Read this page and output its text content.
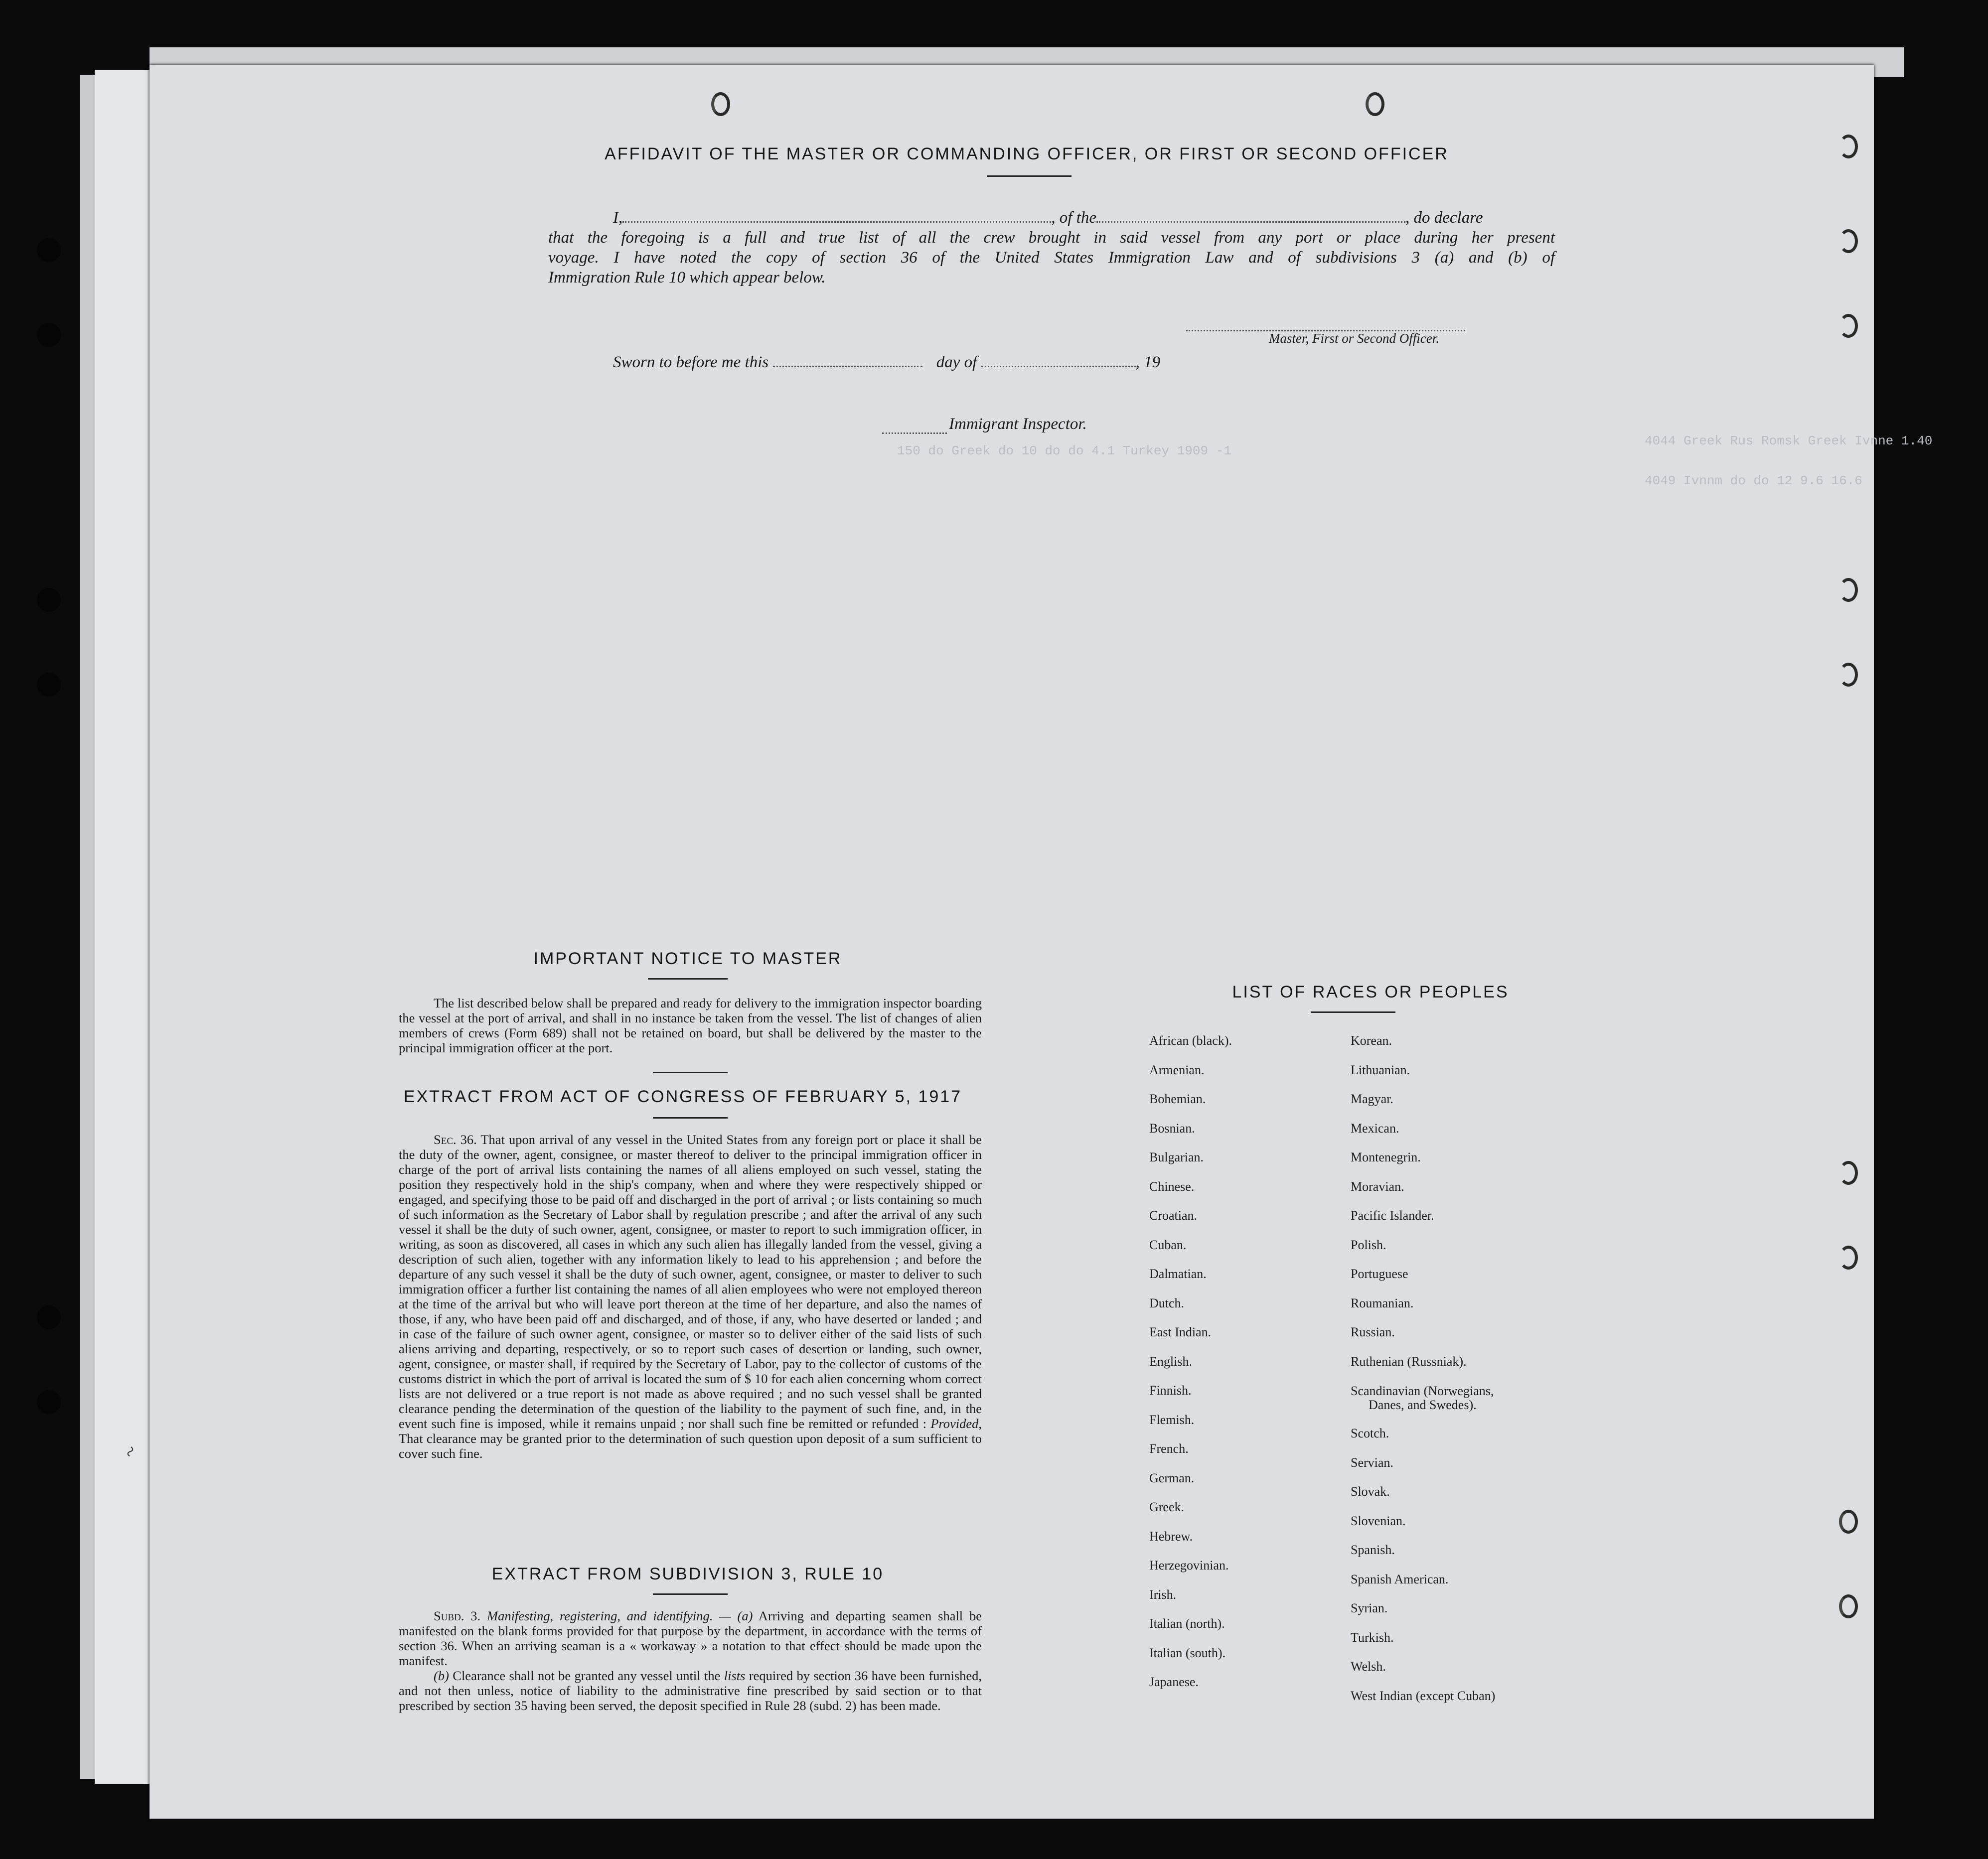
4044 Greek Rus Romsk Greek Ivnne 1.40
4049 Ivnnm do do 12 9.6 16.6
150 do Greek do 10 do do 4.1 Turkey 1909 -1
AFFIDAVIT OF THE MASTER OR COMMANDING OFFICER, OR FIRST OR SECOND OFFICER
I,	, of the	, do declare
that the foregoing is a full and true list of all the crew brought in said vessel from any port or place during her present
voyage. I have noted the copy of section 36 of the United States Immigration Law and of subdivisions 3 (a) and (b) of
Immigration Rule 10 which appear below.
Master, First or Second Officer.
Sworn to before me this	day of	, 19
Immigrant Inspector.
IMPORTANT NOTICE TO MASTER
The list described below shall be prepared and ready for delivery to the immigration inspector boarding the vessel at the port of arrival, and shall in no instance be taken from the vessel. The list of changes of alien members of crews (Form 689) shall not be retained on board, but shall be delivered by the master to the principal immigration officer at the port.
EXTRACT FROM ACT OF CONGRESS OF FEBRUARY 5, 1917
Sec. 36. That upon arrival of any vessel in the United States from any foreign port or place it shall be the duty of the owner, agent, consignee, or master thereof to deliver to the principal immigration officer in charge of the port of arrival lists containing the names of all aliens employed on such vessel, stating the position they respectively hold in the ship's company, when and where they were respectively shipped or engaged, and specifying those to be paid off and discharged in the port of arrival ; or lists containing so much of such information as the Secretary of Labor shall by regulation prescribe ; and after the arrival of any such vessel it shall be the duty of such owner, agent, consignee, or master to report to such immigration officer, in writing, as soon as discovered, all cases in which any such alien has illegally landed from the vessel, giving a description of such alien, together with any information likely to lead to his apprehension ; and before the departure of any such vessel it shall be the duty of such owner, agent, consignee, or master to deliver to such immigration officer a further list containing the names of all alien employees who were not employed thereon at the time of the arrival but who will leave port thereon at the time of her departure, and also the names of those, if any, who have been paid off and discharged, and of those, if any, who have deserted or landed ; and in case of the failure of such owner agent, consignee, or master so to deliver either of the said lists of such aliens arriving and departing, respectively, or so to report such cases of desertion or landing, such owner, agent, consignee, or master shall, if required by the Secretary of Labor, pay to the collector of customs of the customs district in which the port of arrival is located the sum of $ 10 for each alien concerning whom correct lists are not delivered or a true report is not made as above required ; and no such vessel shall be granted clearance pending the determination of the question of the liability to the payment of such fine, and, in the event such fine is imposed, while it remains unpaid ; nor shall such fine be remitted or refunded : Provided, That clearance may be granted prior to the determination of such question upon deposit of a sum sufficient to cover such fine.
EXTRACT FROM SUBDIVISION 3, RULE 10
Subd. 3. Manifesting, registering, and identifying. — (a) Arriving and departing seamen shall be manifested on the blank forms provided for that purpose by the department, in accordance with the terms of section 36. When an arriving seaman is a « workaway » a notation to that effect should be made upon the manifest.
(b) Clearance shall not be granted any vessel until the lists required by section 36 have been furnished, and not then unless, notice of liability to the administrative fine prescribed by said section or to that prescribed by section 35 having been served, the deposit specified in Rule 28 (subd. 2) has been made.
LIST OF RACES OR PEOPLES
African (black).
Armenian.
Bohemian.
Bosnian.
Bulgarian.
Chinese.
Croatian.
Cuban.
Dalmatian.
Dutch.
East Indian.
English.
Finnish.
Flemish.
French.
German.
Greek.
Hebrew.
Herzegovinian.
Irish.
Italian (north).
Italian (south).
Japanese.
Korean.
Lithuanian.
Magyar.
Mexican.
Montenegrin.
Moravian.
Pacific Islander.
Polish.
Portuguese
Roumanian.
Russian.
Ruthenian (Russniak).
Scandinavian (Norwegians,
Danes, and Swedes).
Scotch.
Servian.
Slovak.
Slovenian.
Spanish.
Spanish American.
Syrian.
Turkish.
Welsh.
West Indian (except Cuban)
~
